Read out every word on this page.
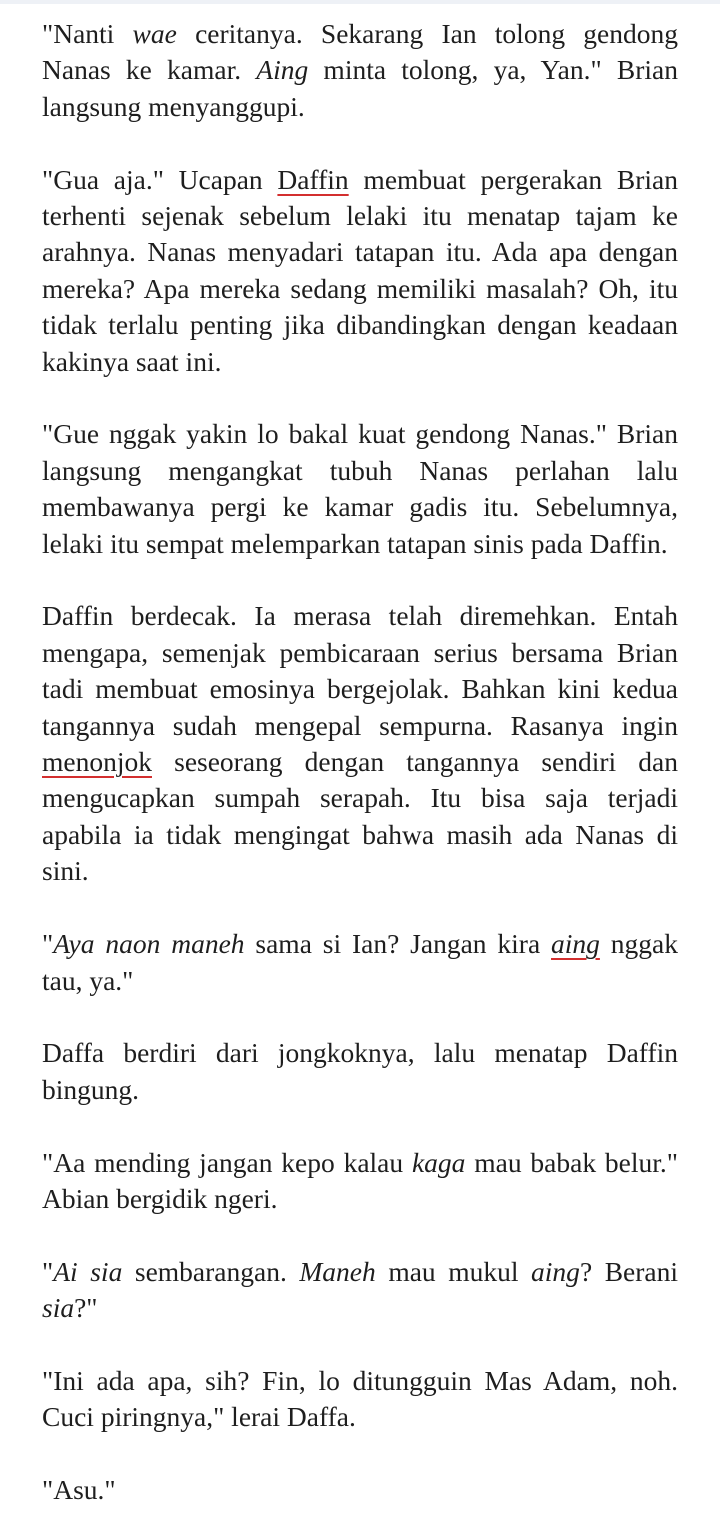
"Nanti wae ceritanya. Sekarang Ian tolong gendong Nanas ke kamar. Aing minta tolong, ya, Yan." Brian langsung menyanggupi.

"Gua aja." Ucapan Daffin membuat pergerakan Brian terhenti sejenak sebelum lelaki itu menatap tajam ke arahnya. Nanas menyadari tatapan itu. Ada apa dengan mereka? Apa mereka sedang memiliki masalah? Oh, itu tidak terlalu penting jika dibandingkan dengan keadaan kakinya saat ini.

"Gue nggak yakin lo bakal kuat gendong Nanas." Brian langsung mengangkat tubuh Nanas perlahan lalu membawanya pergi ke kamar gadis itu. Sebelumnya, lelaki itu sempat melemparkan tatapan sinis pada Daffin.

Daffin berdecak. Ia merasa telah diremehkan. Entah mengapa, semenjak pembicaraan serius bersama Brian tadi membuat emosinya bergejolak. Bahkan kini kedua tangannya sudah mengepal sempurna. Rasanya ingin menonjok seseorang dengan tangannya sendiri dan mengucapkan sumpah serapah. Itu bisa saja terjadi apabila ia tidak mengingat bahwa masih ada Nanas di sini.

"Aya naon maneh sama si Ian? Jangan kira aing nggak tau, ya."

Daffa berdiri dari jongkoknya, lalu menatap Daffin bingung.

"Aa mending jangan kepo kalau kaga mau babak belur." Abian bergidik ngeri.

"Ai sia sembarangan. Maneh mau mukul aing? Berani sia?"

"Ini ada apa, sih? Fin, lo ditungguin Mas Adam, noh. Cuci piringnya," lerai Daffa.

"Asu."
